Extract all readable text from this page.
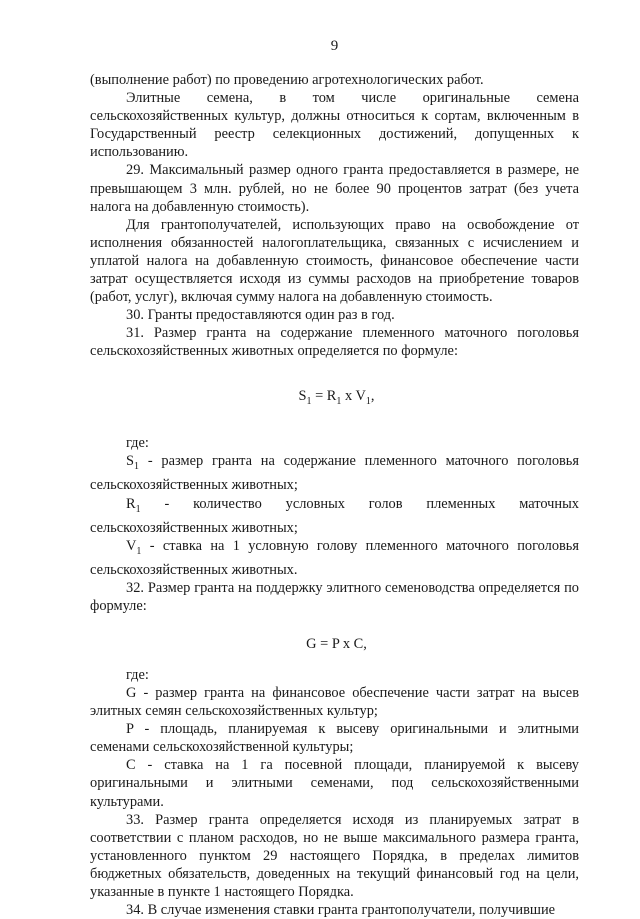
9

(выполнение работ) по проведению агротехнологических работ.

Элитные семена, в том числе оригинальные семена сельскохозяйственных культур, должны относиться к сортам, включенным в Государственный реестр селекционных достижений, допущенных к использованию.

29. Максимальный размер одного гранта предоставляется в размере, не превышающем 3 млн. рублей, но не более 90 процентов затрат (без учета налога на добавленную стоимость).

Для грантополучателей, использующих право на освобождение от исполнения обязанностей налогоплательщика, связанных с исчислением и уплатой налога на добавленную стоимость, финансовое обеспечение части затрат осуществляется исходя из суммы расходов на приобретение товаров (работ, услуг), включая сумму налога на добавленную стоимость.

30. Гранты предоставляются один раз в год.

31. Размер гранта на содержание племенного маточного поголовья сельскохозяйственных животных определяется по формуле:

$S_1 = R_1$ x $V_1$,

где:

$S_1$ - размер гранта на содержание племенного маточного поголовья сельскохозяйственных животных;

$R_1$ - количество условных голов племенных маточных сельскохозяйственных животных;

$V_1$ - ставка на 1 условную голову племенного маточного поголовья сельскохозяйственных животных.

32. Размер гранта на поддержку элитного семеноводства определяется по формуле:

G = P x C,

где:

G - размер гранта на финансовое обеспечение части затрат на высев элитных семян сельскохозяйственных культур;

P - площадь, планируемая к высеву оригинальными и элитными семенами сельскохозяйственной культуры;

C - ставка на 1 га посевной площади, планируемой к высеву оригинальными и элитными семенами, под сельскохозяйственными культурами.

33. Размер гранта определяется исходя из планируемых затрат в соответствии с планом расходов, но не выше максимального размера гранта, установленного пунктом 29 настоящего Порядка, в пределах лимитов бюджетных обязательств, доведенных на текущий финансовый год на цели, указанные в пункте 1 настоящего Порядка.

34. В случае изменения ставки гранта грантополучатели, получившие
